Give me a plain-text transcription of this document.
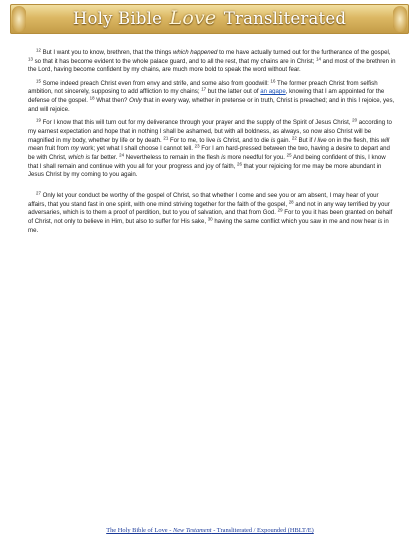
Holy Bible Love Transliterated

$^{12}$ But I want you to know, brethren, that the things which happened to me have actually turned out for the furtherance of the gospel, $^{13}$ so that it has become evident to the whole palace guard, and to all the rest, that my chains are in Christ; $^{14}$ and most of the brethren in the Lord, having become confident by my chains, are much more bold to speak the word without fear.

$^{15}$ Some indeed preach Christ even from envy and strife, and some also from goodwill: $^{16}$ The former preach Christ from selfish ambition, not sincerely, supposing to add affliction to my chains; $^{17}$ but the latter out of an agape, knowing that I am appointed for the defense of the gospel. $^{18}$ What then? Only that in every way, whether in pretense or in truth, Christ is preached; and in this I rejoice, yes, and will rejoice.

$^{19}$ For I know that this will turn out for my deliverance through your prayer and the supply of the Spirit of Jesus Christ, $^{20}$ according to my earnest expectation and hope that in nothing I shall be ashamed, but with all boldness, as always, so now also Christ will be magnified in my body, whether by life or by death. $^{21}$ For to me, to live is Christ, and to die is gain. $^{22}$ But if I live on in the flesh, this will mean fruit from my work; yet what I shall choose I cannot tell. $^{23}$ For I am hard-pressed between the two, having a desire to depart and be with Christ, which is far better. $^{24}$ Nevertheless to remain in the flesh is more needful for you. $^{25}$ And being confident of this, I know that I shall remain and continue with you all for your progress and joy of faith, $^{26}$ that your rejoicing for me may be more abundant in Jesus Christ by my coming to you again.

$^{27}$ Only let your conduct be worthy of the gospel of Christ, so that whether I come and see you or am absent, I may hear of your affairs, that you stand fast in one spirit, with one mind striving together for the faith of the gospel, $^{28}$ and not in any way terrified by your adversaries, which is to them a proof of perdition, but to you of salvation, and that from God. $^{29}$ For to you it has been granted on behalf of Christ, not only to believe in Him, but also to suffer for His sake, $^{30}$ having the same conflict which you saw in me and now hear is in me.

The Holy Bible of Love - New Testament - Transliterated / Expounded (HBLT/E)
